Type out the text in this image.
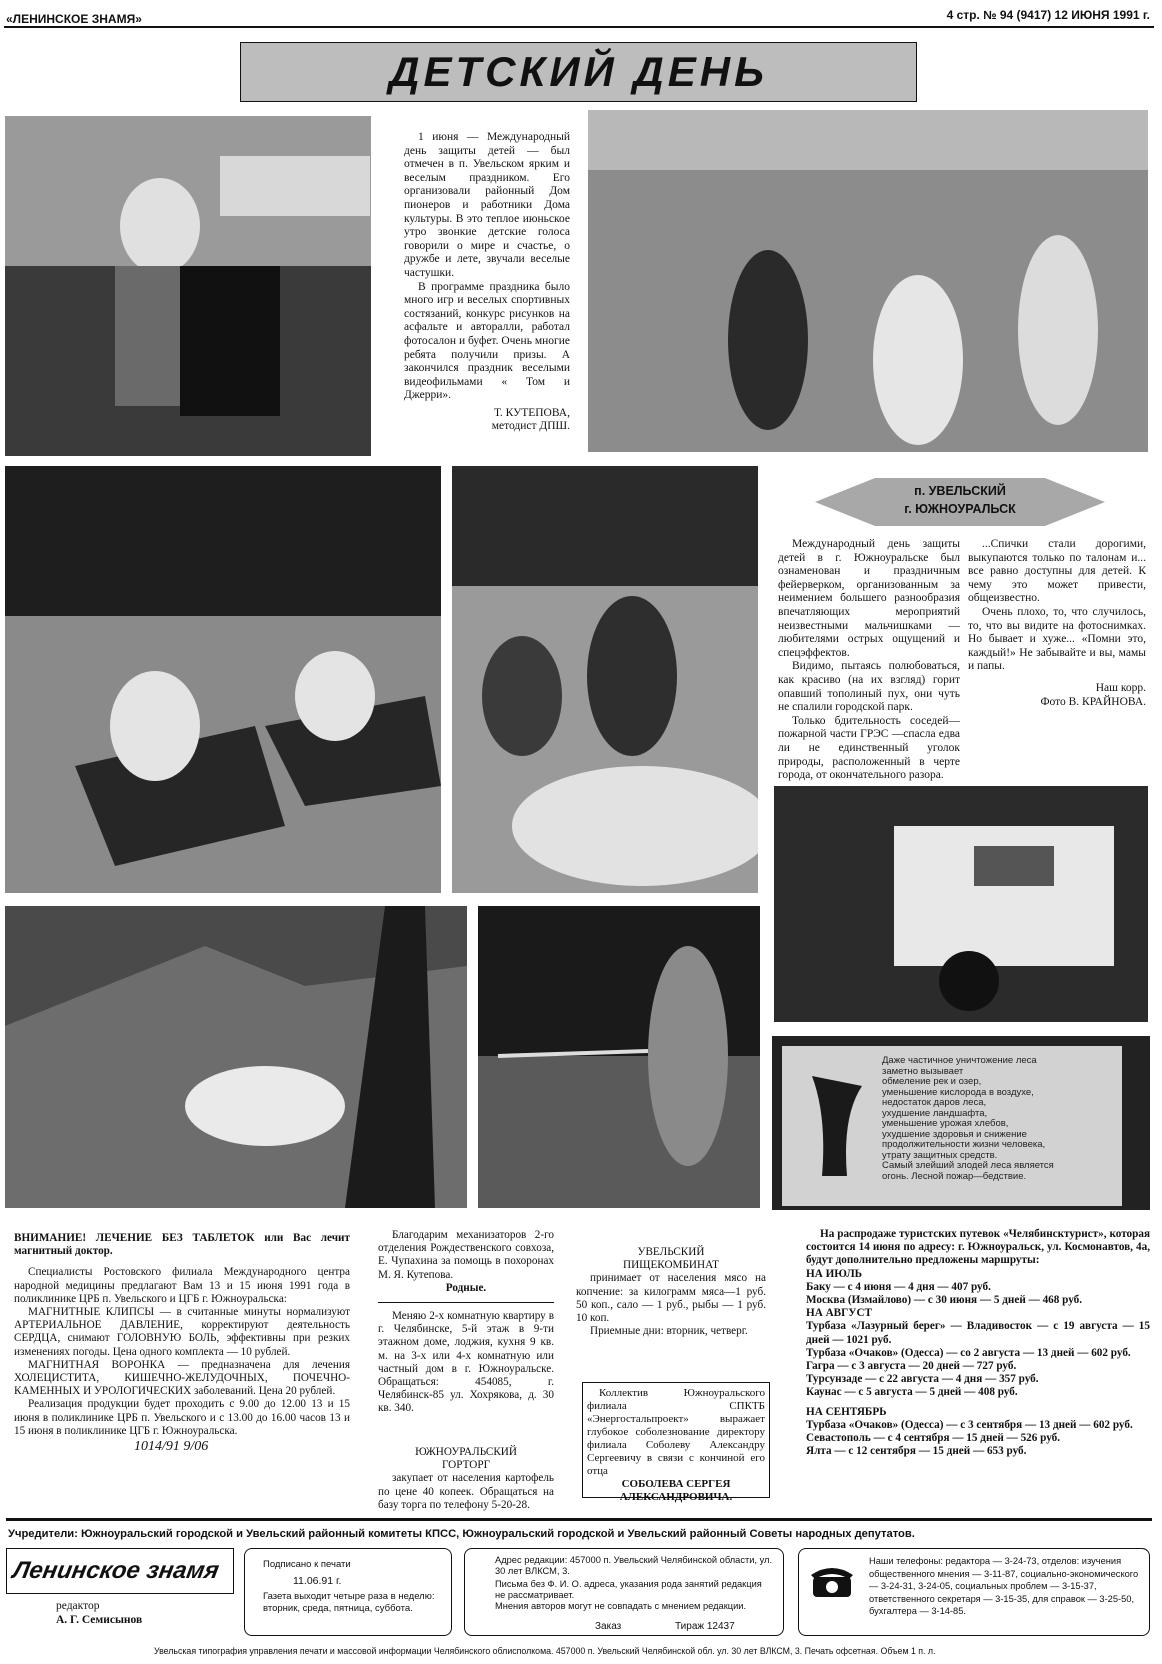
«ЛЕНИНСКОЕ ЗНАМЯ»	4 стр. № 94 (9417) 12 ИЮНЯ 1991 г.
ДЕТСКИЙ ДЕНЬ

1 июня — Международный день защиты детей — был отмечен в п. Увельском ярким и веселым праздником. Его организовали районный Дом пионеров и работники Дома культуры. В это теплое июньское утро звонкие детские голоса говорили о мире и счастье, о дружбе и лете, звучали веселые частушки.

В программе праздника было много игр и веселых спортивных состязаний, конкурс рисунков на асфальте и автоpалли, работал фотосалон и буфет. Очень многие ребята получили призы. А закончился праздник веселыми видеофильмами « Том и Джерри».

Т. КУТЕПОВА,
методист ДПШ.
п. УВЕЛЬСКИЙ
г. ЮЖНОУРАЛЬСК

Международный день защиты детей в г. Южноуральске был ознаменован и праздничным фейерверком, организованным за неимением большего разнообразия впечатляющих мероприятий неизвестными мальчишками — любителями острых ощущений и спецэффектов.

Видимо, пытаясь полюбоваться, как красиво (на их взгляд) горит опавший тополиный пух, они чуть не спалили городской парк.

Только бдительность соседей—пожарной части ГРЭС —спасла едва ли не единственный уголок природы, расположенный в черте города, от окончательного разора.

...Спички стали дорогими, выкупаются только по талонам и... все равно доступны для детей. К чему это может привести, общеизвестно.

Очень плохо, то, что случилось, то, что вы видите на фотоснимках. Но бывает и хуже... «Помни это, каждый!» Не забывайте и вы, мамы и папы.

Наш корр.
Фото В. КРАЙНОВА.
Даже частичное уничтожение леса
заметно вызывает
обмеление рек и озер,
уменьшение кислорода в воздухе,
недостаток даров леса,
ухудшение ландшафта,
уменьшение урожая хлебов,
ухудшение здоровья и снижение
продолжительности жизни человека,
утрату защитных средств.
Самый злейший злодей леса является
огонь. Лесной пожар—бедствие.
ВНИМАНИЕ! ЛЕЧЕНИЕ БЕЗ ТАБЛЕТОК или Вас лечит магнитный доктор.

Специалисты Ростовского филиала Международного центра народной медицины предлагают Вам 13 и 15 июня 1991 года в поликлинике ЦРБ п. Увельского и ЦГБ г. Южноуральска:

МАГНИТНЫЕ КЛИПСЫ — в считанные минуты нормализуют АРТЕРИАЛЬНОЕ ДАВЛЕНИЕ, корректируют деятельность СЕРДЦА, снимают ГОЛОВНУЮ БОЛЬ, эффективны при резких изменениях погоды. Цена одного комплекта — 10 рублей.

МАГНИТНАЯ ВОРОНКА — предназначена для лечения ХОЛЕЦИСТИТА, КИШЕЧНО-ЖЕЛУДОЧНЫХ, ПОЧЕЧНО-КАМЕННЫХ И УРОЛОГИЧЕСКИХ заболеваний. Цена 20 рублей.

Реализация продукции будет проходить с 9.00 до 12.00 13 и 15 июня в поликлинике ЦРБ п. Увельского и с 13.00 до 16.00 часов 13 и 15 июня в поликлинике ЦГБ г. Южноуральска.

1014/91 9/06

Благодарим механизаторов 2-го отделения Рождественского совхоза, Е. Чупахина за помощь в похоронах М. Я. Кутепова.

Родные.

Меняю 2-х комнатную квартиру в г. Челябинске, 5-й этаж в 9-ти этажном доме, лоджия, кухня 9 кв. м. на 3-х или 4-х комнатную или частный дом в г. Южноуральске. Обращаться: 454085, г. Челябинск-85 ул. Хохрякова, д. 30 кв. 340.

ЮЖНОУРАЛЬСКИЙ
ГОРТОРГ

закупает от населения картофель по цене 40 копеек. Обращаться на базу торга по телефону 5-20-28.

УВЕЛЬСКИЙ
ПИЩЕКОМБИНАТ

принимает от населения мясо на копчение: за килограмм мяса—1 руб. 50 коп., сало — 1 руб., рыбы — 1 руб. 10 коп.

Приемные дни: вторник, четверг.

Коллектив Южноуральского филиала СПКТБ «Энергостальпроект» выражает глубокое соболезнование директору филиала Соболеву Александру Сергеевичу в связи с кончиной его отца
СОБОЛЕВА СЕРГЕЯ АЛЕКСАНДРОВИЧА.

На распродаже туристских путевок «Челябинсктурист», которая состоится 14 июня по адресу: г. Южноуральск, ул. Космонавтов, 4а, будут дополнительно предложены маршруты:

НА ИЮЛЬ
Баку — с 4 июня — 4 дня — 407 руб.
Москва (Измайлово) — с 30 июня — 5 дней — 468 руб.
НА АВГУСТ
Турбаза «Лазурный берег» — Владивосток — с 19 августа — 15 дней — 1021 руб.
Турбаза «Очаков» (Одесса) — со 2 августа — 13 дней — 602 руб.
Гагра — с 3 августа — 20 дней — 727 руб.
Турсунзаде — с 22 августа — 4 дня — 357 руб.
Каунас — с 5 августа — 5 дней — 408 руб.
НА СЕНТЯБРЬ
Турбаза «Очаков» (Одесса) — с 3 сентября — 13 дней — 602 руб.
Севастополь — с 4 сентября — 15 дней — 526 руб.
Ялта — с 12 сентября — 15 дней — 653 руб.
Учредители: Южноуральский городской и Увельский районный комитеты КПСС, Южноуральский городской и Увельский районный Советы народных депутатов.
Ленинское знамя
редактор
А. Г. Семисынов
Подписано к печати
11.06.91 г.
Газета выходит четыре раза в неделю: вторник, среда, пятница, суббота.
Адрес редакции: 457000 п. Увельский Челябинской области, ул. 30 лет ВЛКСМ, 3.
Письма без Ф. И. О. адреса, указания рода занятий редакция не рассматривает.
Мнения авторов могут не совпадать с мнением редакции.
Заказ	Тираж 12437
Наши телефоны: редактора — 3-24-73, отделов: изучения общественного мнения — 3-11-87, социально-экономического — 3-24-31, 3-24-05, социальных проблем — 3-15-37, ответственного секретаря — 3-15-35, для справок — 3-25-50, бухгалтера — 3-14-85.
Увельская типография управления печати и массовой информации Челябинского облисполкома. 457000 п. Увельский Челябинской обл. ул. 30 лет ВЛКСМ, 3. Печать офсетная. Объем 1 п. л.
